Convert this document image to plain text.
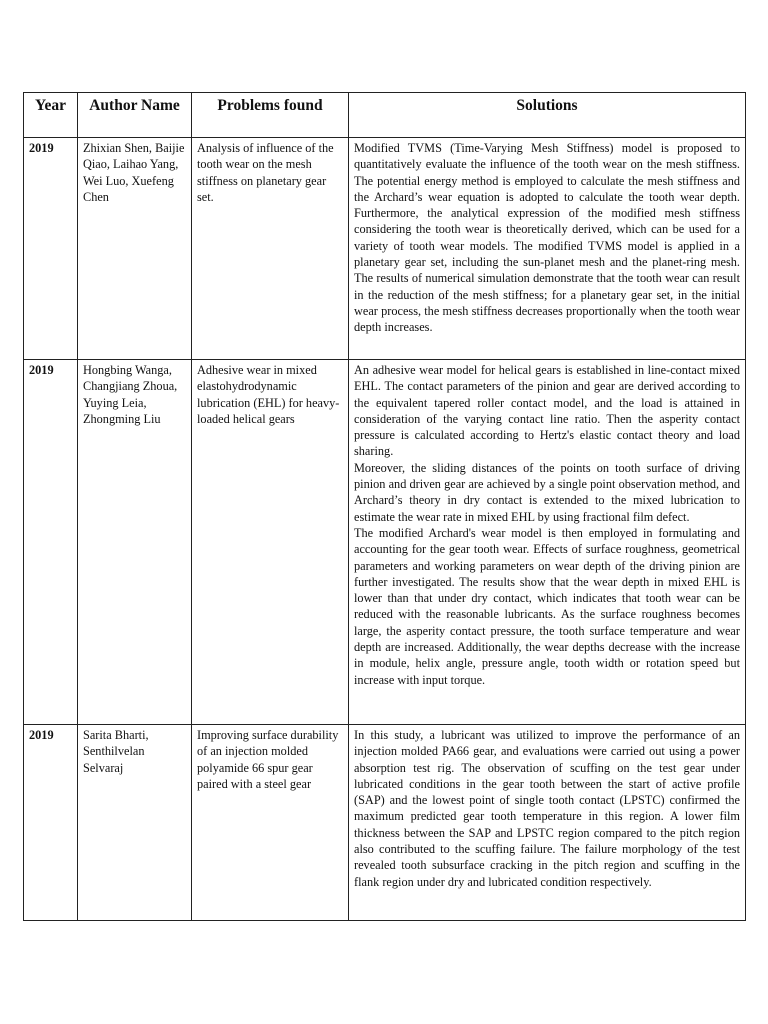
Year	Author Name	Problems found	Solutions
2019	Zhixian Shen, Baijie Qiao, Laihao Yang, Wei Luo, Xuefeng Chen	Analysis of influence of the tooth wear on the mesh stiffness on planetary gear set.	Modified TVMS (Time-Varying Mesh Stiffness) model is proposed to quantitatively evaluate the influence of the tooth wear on the mesh stiffness. The potential energy method is employed to calculate the mesh stiffness and the Archard’s wear equation is adopted to calculate the tooth wear depth. Furthermore, the analytical expression of the modified mesh stiffness considering the tooth wear is theoretically derived, which can be used for a variety of tooth wear models. The modified TVMS model is applied in a planetary gear set, including the sun-planet mesh and the planet-ring mesh. The results of numerical simulation demonstrate that the tooth wear can result in the reduction of the mesh stiffness; for a planetary gear set, in the initial wear process, the mesh stiffness decreases proportionally when the tooth wear depth increases.

2019	Hongbing Wanga, Changjiang Zhoua, Yuying Leia, Zhongming Liu	Adhesive wear in mixed elastohydrodynamic lubrication (EHL) for heavy-loaded helical gears	An adhesive wear model for helical gears is established in line-contact mixed EHL. The contact parameters of the pinion and gear are derived according to the equivalent tapered roller contact model, and the load is attained in consideration of the varying contact line ratio. Then the asperity contact pressure is calculated according to Hertz's elastic contact theory and load sharing.
Moreover, the sliding distances of the points on tooth surface of driving pinion and driven gear are achieved by a single point observation method, and Archard’s theory in dry contact is extended to the mixed lubrication to estimate the wear rate in mixed EHL by using fractional film defect.
The modified Archard's wear model is then employed in formulating and accounting for the gear tooth wear. Effects of surface roughness, geometrical parameters and working parameters on wear depth of the driving pinion are further investigated. The results show that the wear depth in mixed EHL is lower than that under dry contact, which indicates that tooth wear can be reduced with the reasonable lubricants. As the surface roughness becomes large, the asperity contact pressure, the tooth surface temperature and wear depth are increased. Additionally, the wear depths decrease with the increase in module, helix angle, pressure angle, tooth width or rotation speed but increase with input torque.

2019	Sarita Bharti, Senthilvelan Selvaraj	Improving surface durability of an injection molded polyamide 66 spur gear paired with a steel gear	In this study, a lubricant was utilized to improve the performance of an injection molded PA66 gear, and evaluations were carried out using a power absorption test rig. The observation of scuffing on the test gear under lubricated conditions in the gear tooth between the start of active profile (SAP) and the lowest point of single tooth contact (LPSTC) confirmed the maximum predicted gear tooth temperature in this region. A lower film thickness between the SAP and LPSTC region compared to the pitch region also contributed to the scuffing failure. The failure morphology of the test revealed tooth subsurface cracking in the pitch region and scuffing in the flank region under dry and lubricated condition respectively.
